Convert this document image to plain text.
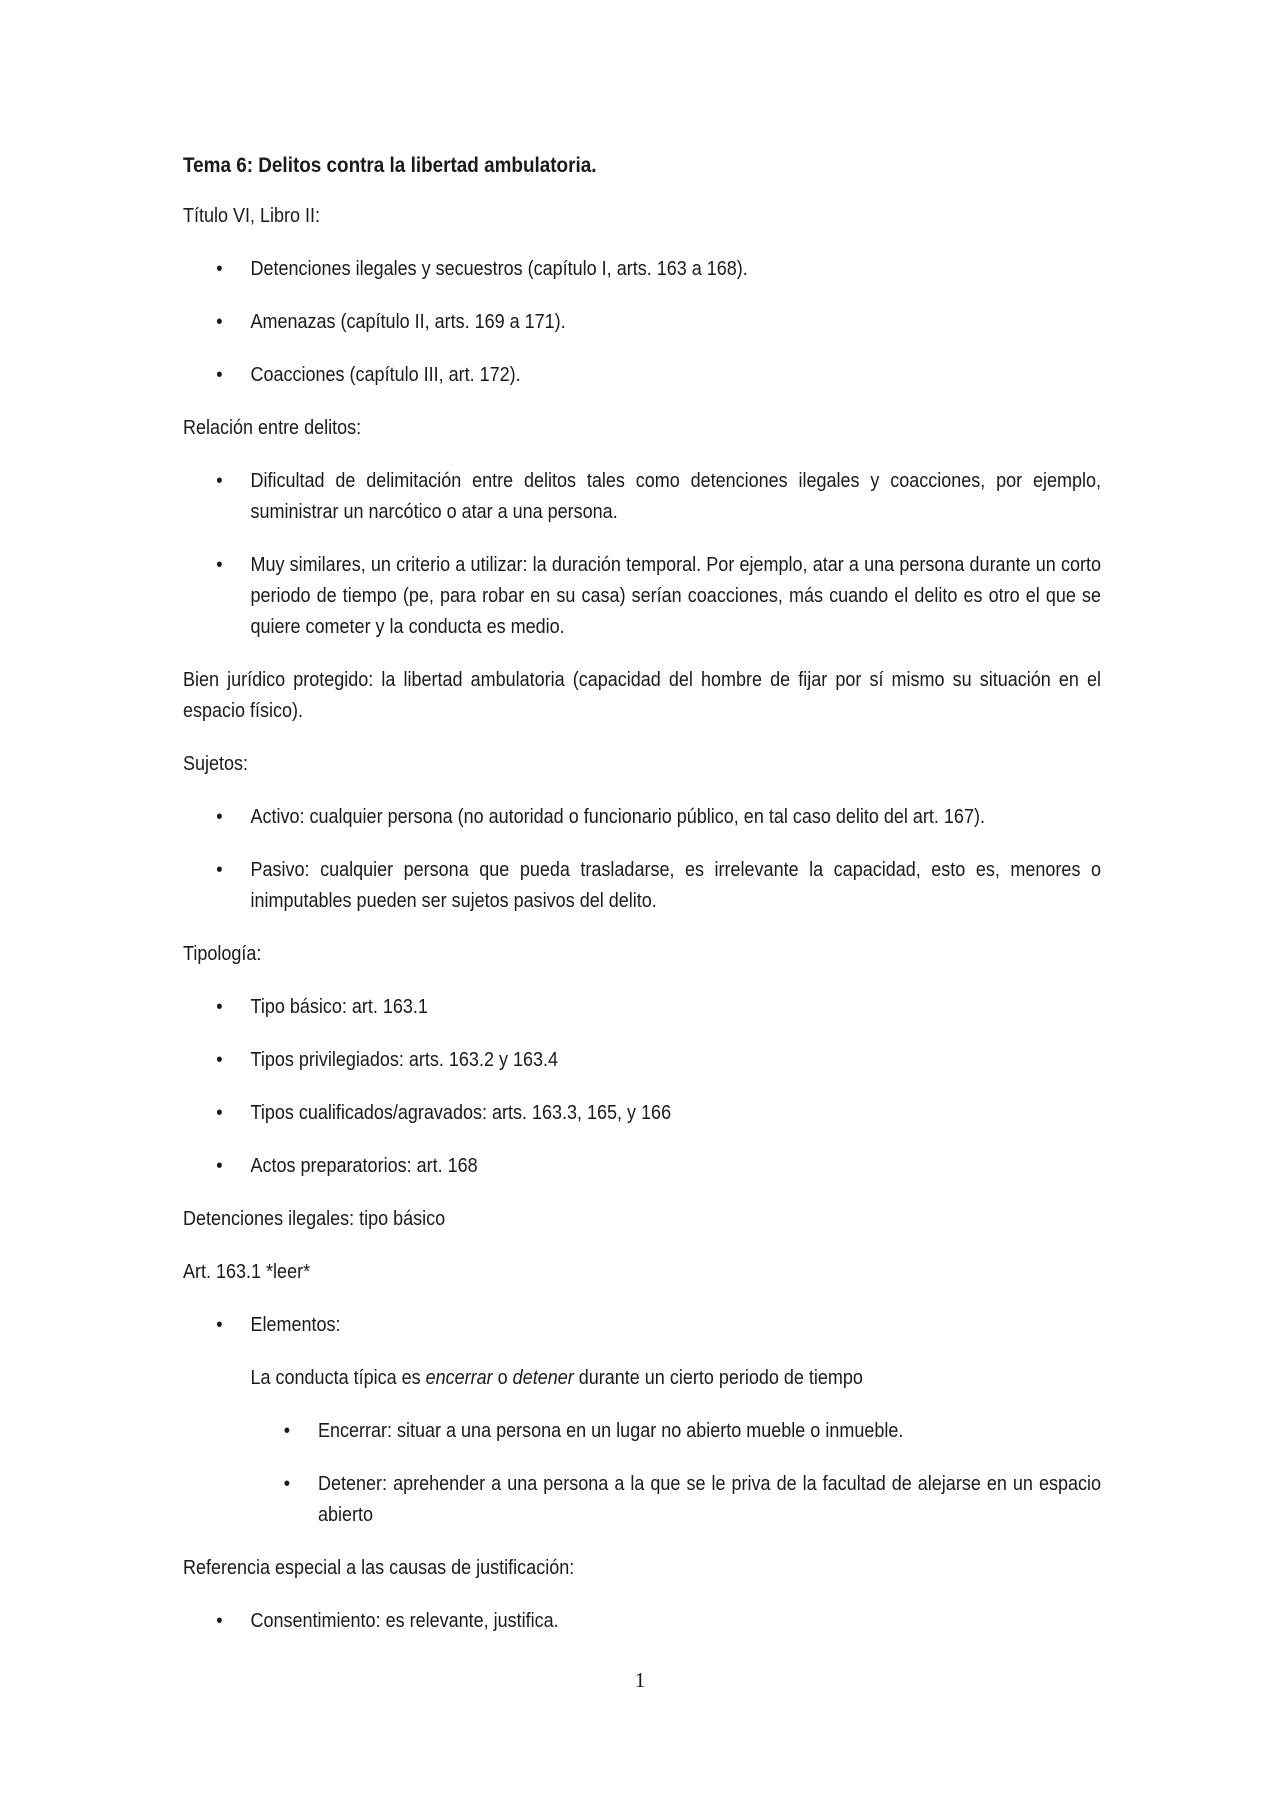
Tema 6: Delitos contra la libertad ambulatoria.
Título VI, Libro II:
• Detenciones ilegales y secuestros (capítulo I, arts. 163 a 168).
• Amenazas (capítulo II, arts. 169 a 171).
• Coacciones (capítulo III, art. 172).
Relación entre delitos:
• Dificultad de delimitación entre delitos tales como detenciones ilegales y coacciones, por ejemplo, suministrar un narcótico o atar a una persona.
• Muy similares, un criterio a utilizar: la duración temporal. Por ejemplo, atar a una persona durante un corto periodo de tiempo (pe, para robar en su casa) serían coacciones, más cuando el delito es otro el que se quiere cometer y la conducta es medio.
Bien jurídico protegido: la libertad ambulatoria (capacidad del hombre de fijar por sí mismo su situación en el espacio físico).
Sujetos:
• Activo: cualquier persona (no autoridad o funcionario público, en tal caso delito del art. 167).
• Pasivo: cualquier persona que pueda trasladarse, es irrelevante la capacidad, esto es, menores o inimputables pueden ser sujetos pasivos del delito.
Tipología:
• Tipo básico: art. 163.1
• Tipos privilegiados: arts. 163.2 y 163.4
• Tipos cualificados/agravados: arts. 163.3, 165, y 166
• Actos preparatorios: art. 168
Detenciones ilegales: tipo básico
Art. 163.1 *leer*
• Elementos:
La conducta típica es encerrar o detener durante un cierto periodo de tiempo
• Encerrar: situar a una persona en un lugar no abierto mueble o inmueble.
• Detener: aprehender a una persona a la que se le priva de la facultad de alejarse en un espacio abierto
Referencia especial a las causas de justificación:
• Consentimiento: es relevante, justifica.
1
